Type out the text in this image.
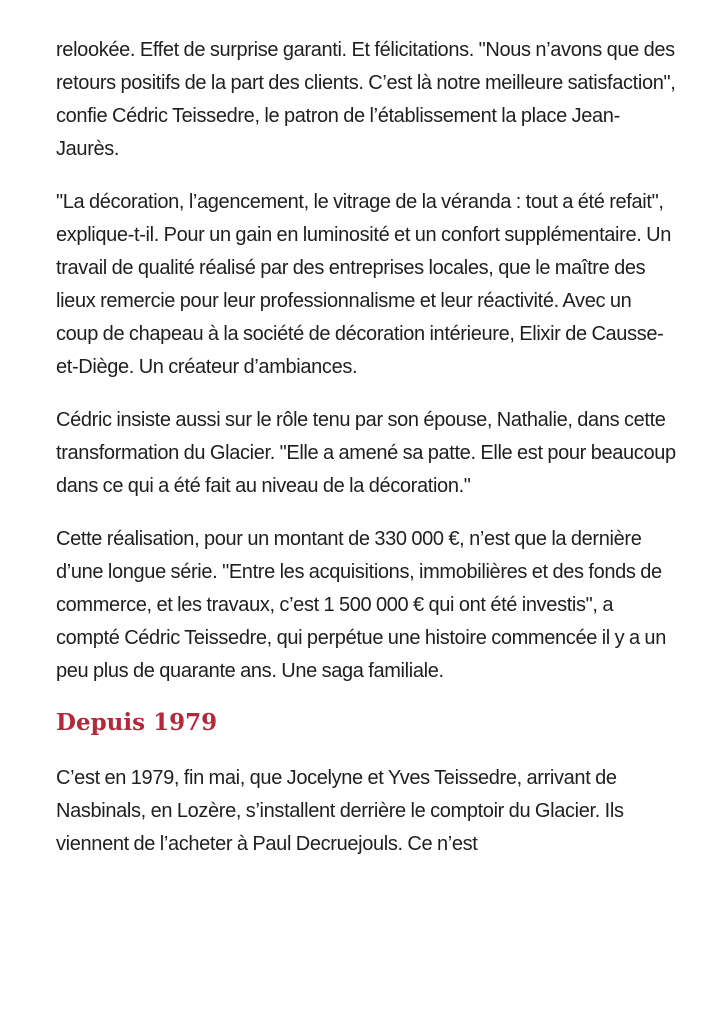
relookée. Effet de surprise garanti. Et félicitations. "Nous n’avons que des retours positifs de la part des clients. C’est là notre meilleure satisfaction", confie Cédric Teissedre, le patron de l’établissement la place Jean-Jaurès.

"La décoration, l’agencement, le vitrage de la véranda : tout a été refait", explique-t-il. Pour un gain en luminosité et un confort supplémentaire. Un travail de qualité réalisé par des entreprises locales, que le maître des lieux remercie pour leur professionnalisme et leur réactivité. Avec un coup de chapeau à la société de décoration intérieure, Elixir de Causse-et-Diège. Un créateur d’ambiances.

Cédric insiste aussi sur le rôle tenu par son épouse, Nathalie, dans cette transformation du Glacier. "Elle a amené sa patte. Elle est pour beaucoup dans ce qui a été fait au niveau de la décoration."

Cette réalisation, pour un montant de 330 000 €, n’est que la dernière d’une longue série. "Entre les acquisitions, immobilières et des fonds de commerce, et les travaux, c’est 1 500 000 € qui ont été investis", a compté Cédric Teissedre, qui perpétue une histoire commencée il y a un peu plus de quarante ans. Une saga familiale.

Depuis 1979

C’est en 1979, fin mai, que Jocelyne et Yves Teissedre, arrivant de Nasbinals, en Lozère, s’installent derrière le comptoir du Glacier. Ils viennent de l’acheter à Paul Decruejouls. Ce n’est
